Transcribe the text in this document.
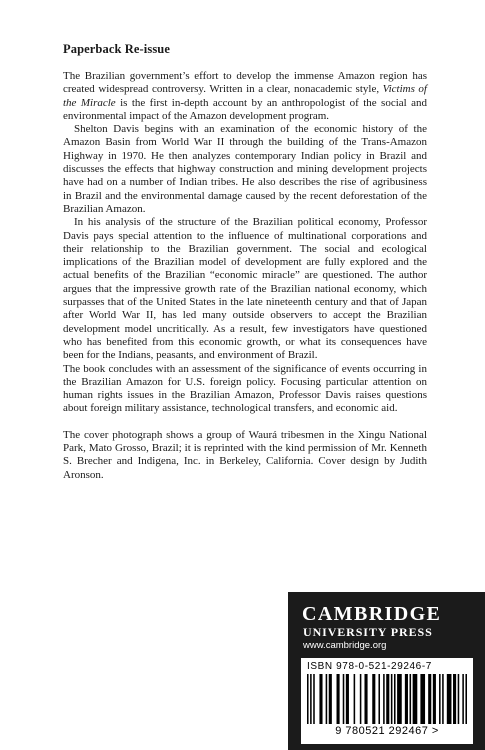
Paperback Re-issue

The Brazilian government’s effort to develop the immense Amazon region has created widespread controversy. Written in a clear, nonacademic style, Victims of the Miracle is the first in-depth account by an anthropologist of the social and environmental impact of the Amazon development program.

Shelton Davis begins with an examination of the economic history of the Amazon Basin from World War II through the building of the Trans-Amazon Highway in 1970. He then analyzes contemporary Indian policy in Brazil and discusses the effects that highway construction and mining development projects have had on a number of Indian tribes. He also describes the rise of agribusiness in Brazil and the environmental damage caused by the recent deforestation of the Brazilian Amazon.

In his analysis of the structure of the Brazilian political economy, Professor Davis pays special attention to the influence of multinational corporations and their relationship to the Brazilian government. The social and ecological implications of the Brazilian model of development are fully explored and the actual benefits of the Brazilian “economic miracle” are questioned. The author argues that the impressive growth rate of the Brazilian national economy, which surpasses that of the United States in the late nineteenth century and that of Japan after World War II, has led many outside observers to accept the Brazilian development model uncritically. As a result, few investigators have questioned who has benefited from this economic growth, or what its consequences have been for the Indians, peasants, and environment of Brazil.

The book concludes with an assessment of the significance of events occurring in the Brazilian Amazon for U.S. foreign policy. Focusing particular attention on human rights issues in the Brazilian Amazon, Professor Davis raises questions about foreign military assistance, technological transfers, and economic aid.

The cover photograph shows a group of Waurá tribesmen in the Xingu National Park, Mato Grosso, Brazil; it is reprinted with the kind permission of Mr. Kenneth S. Brecher and Indigena, Inc. in Berkeley, California. Cover design by Judith Aronson.

CAMBRIDGE
UNIVERSITY PRESS
www.cambridge.org
ISBN 978-0-521-29246-7
9 780521 292467 >
